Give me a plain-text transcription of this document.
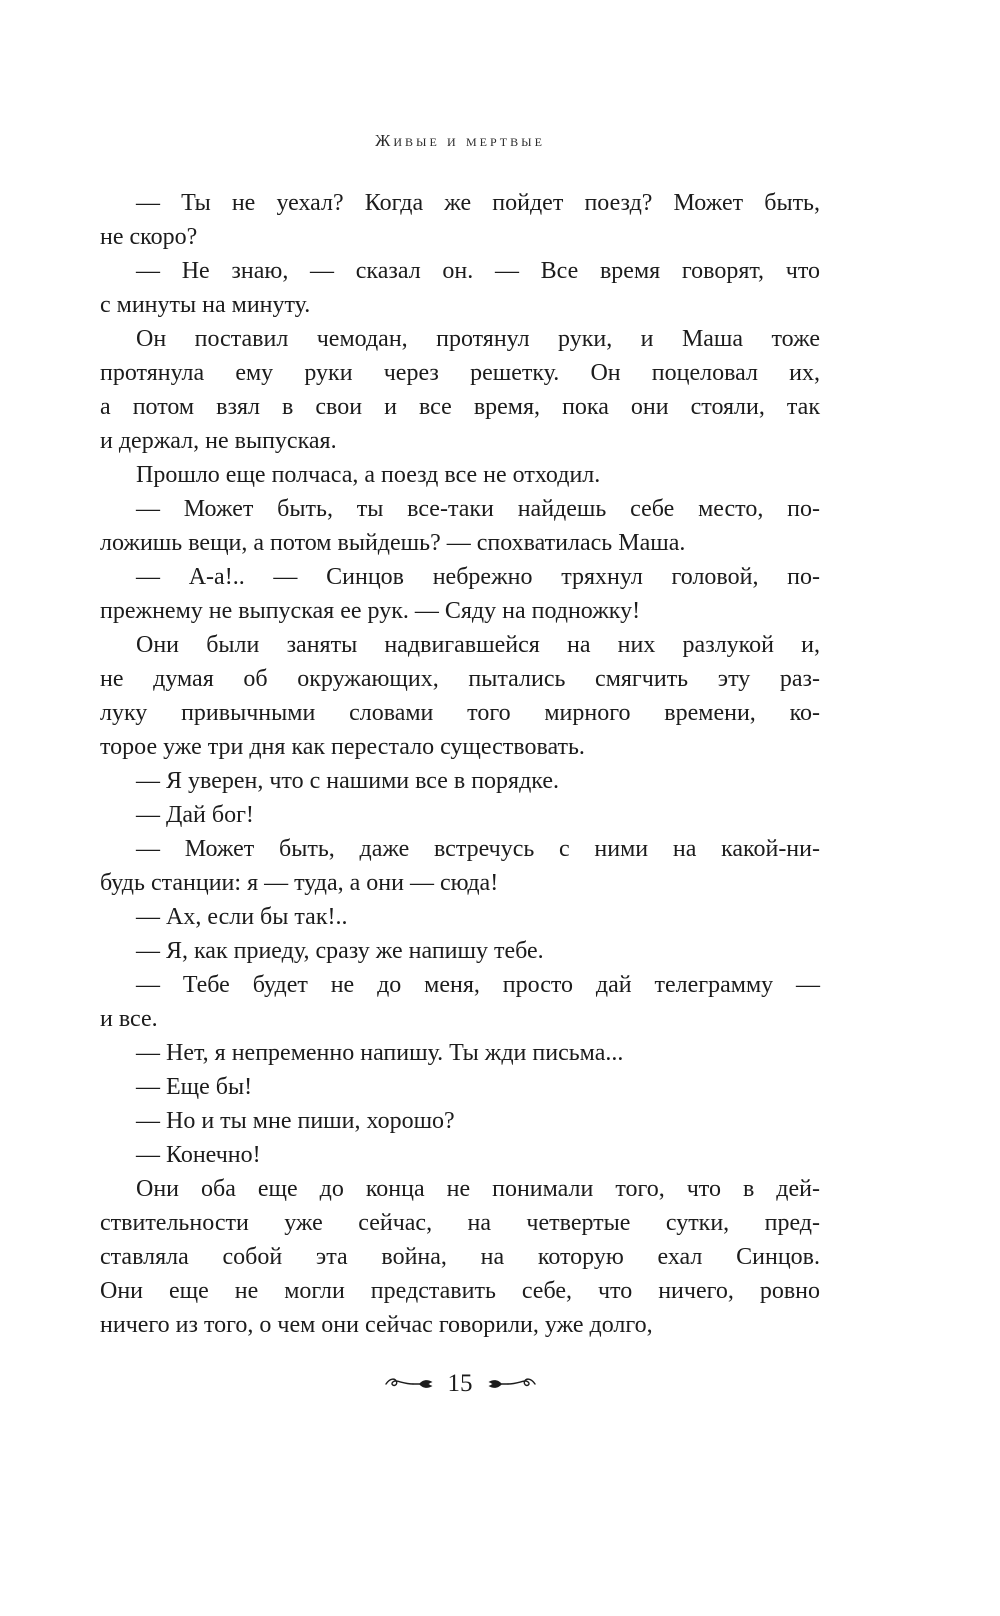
Живые и мертвые

— Ты не уехал? Когда же пойдет поезд? Может быть,
не скоро?

— Не знаю, — сказал он. — Все время говорят, что
с минуты на минуту.

Он поставил чемодан, протянул руки, и Маша тоже
протянула ему руки через решетку. Он поцеловал их,
а потом взял в свои и все время, пока они стояли, так
и держал, не выпуская.

Прошло еще полчаса, а поезд все не отходил.

— Может быть, ты все-таки найдешь себе место, по-
ложишь вещи, а потом выйдешь? — спохватилась Маша.

— А-а!.. — Синцов небрежно тряхнул головой, по-
прежнему не выпуская ее рук. — Сяду на подножку!

Они были заняты надвигавшейся на них разлукой и,
не думая об окружающих, пытались смягчить эту раз-
луку привычными словами того мирного времени, ко-
торое уже три дня как перестало существовать.

— Я уверен, что с нашими все в порядке.

— Дай бог!

— Может быть, даже встречусь с ними на какой-ни-
будь станции: я — туда, а они — сюда!

— Ах, если бы так!..

— Я, как приеду, сразу же напишу тебе.

— Тебе будет не до меня, просто дай телеграмму —
и все.

— Нет, я непременно напишу. Ты жди письма...

— Еще бы!

— Но и ты мне пиши, хорошо?

— Конечно!

Они оба еще до конца не понимали того, что в дей-
ствительности уже сейчас, на четвертые сутки, пред-
ставляла собой эта война, на которую ехал Синцов.
Они еще не могли представить себе, что ничего, ровно
ничего из того, о чем они сейчас говорили, уже долго,

15
